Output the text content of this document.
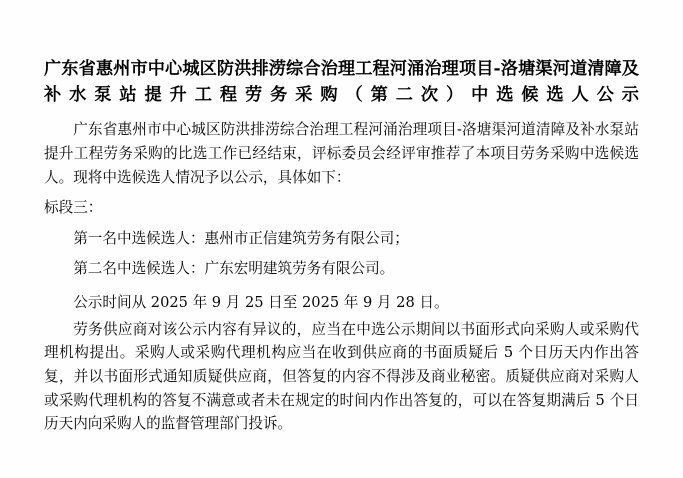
广东省惠州市中心城区防洪排涝综合治理工程河涌治理项目-洛塘渠河道清障及补水泵站提升工程劳务采购（第二次）中选候选人公示

广东省惠州市中心城区防洪排涝综合治理工程河涌治理项目-洛塘渠河道清障及补水泵站提升工程劳务采购的比选工作已经结束，评标委员会经评审推荐了本项目劳务采购中选候选人。现将中选候选人情况予以公示，具体如下：

标段三：

第一名中选候选人：惠州市正信建筑劳务有限公司；

第二名中选候选人：广东宏明建筑劳务有限公司。

公示时间从 2025 年 9 月 25 日至 2025 年 9 月 28 日。

劳务供应商对该公示内容有异议的，应当在中选公示期间以书面形式向采购人或采购代理机构提出。采购人或采购代理机构应当在收到供应商的书面质疑后 5 个日历天内作出答复，并以书面形式通知质疑供应商，但答复的内容不得涉及商业秘密。质疑供应商对采购人或采购代理机构的答复不满意或者未在规定的时间内作出答复的，可以在答复期满后 5 个日历天内向采购人的监督管理部门投诉。
